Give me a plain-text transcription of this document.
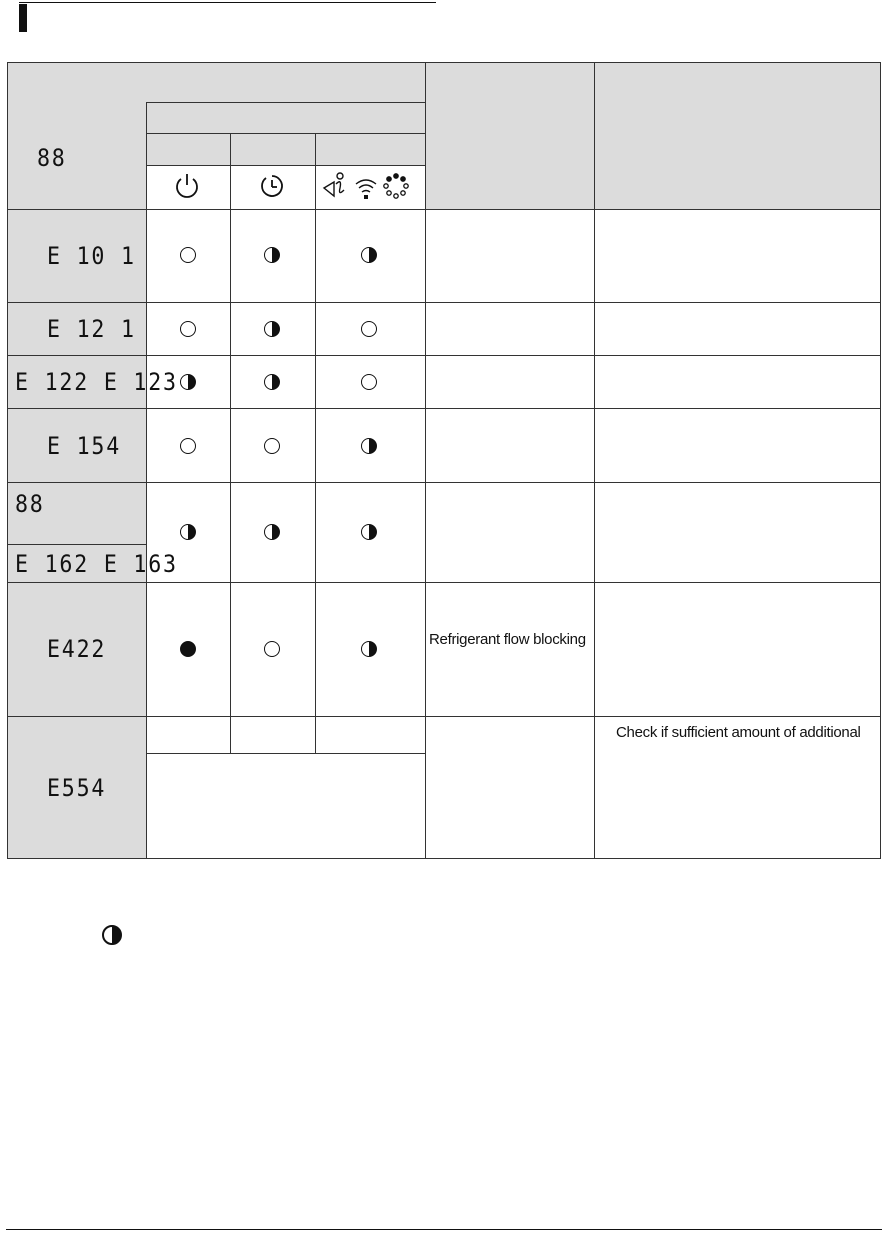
88
E 10 1
E 12 1
E 122 E 123
E 154
88
E 162 E 163
E422
E554
Refrigerant flow blocking
Check if sufficient amount of additional
